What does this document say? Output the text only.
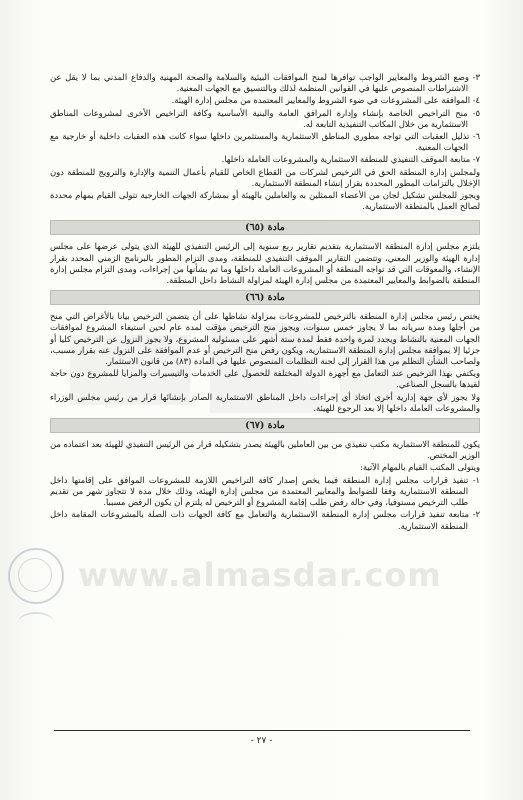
www.almasdar.com
٣- وضع الشروط والمعايير الواجب توافرها لمنح الموافقات البيئية والسلامة والصحة المهنية والدفاع المدني بما لا يقل عن الاشتراطات المنصوص عليها في القوانين المنظمة لذلك وبالتنسيق مع الجهات المعنية.
٤- الموافقة على المشروعات في ضوء الشروط والمعايير المعتمدة من مجلس إدارة الهيئة.
٥- منح التراخيص الخاصة بإنشاء وإدارة المرافق العامة والبنية الأساسية وكافة التراخيص الأخرى لمشروعات المناطق الاستثمارية من خلال المكاتب التنفيذية التابعة له.
٦- تذليل العقبات التي تواجه مطوري المناطق الاستثمارية والمستثمرين داخلها سواء كانت هذه العقبات داخلية أو خارجية مع الجهات المعنية.
٧- متابعة الموقف التنفيذي للمنطقة الاستثمارية والمشروعات العاملة داخلها.
ولمجلس إدارة المنطقة الحق في الترخيص لشركات من القطاع الخاص للقيام بأعمال التنمية والإدارة والترويج للمنطقة دون الإخلال بالتزامات المطور المحددة بقرار إنشاء المنطقة الاستثمارية.
ويجوز للمجلس تشكيل لجان من الأعضاء الممثلين به والعاملين بالهيئة أو بمشاركة الجهات الخارجية تتولى القيام بمهام محددة لصالح العمل بالمنطقة الاستثمارية.
مادة (٦٥)
يلتزم مجلس إدارة المنطقة الاستثمارية بتقديم تقارير ربع سنوية إلى الرئيس التنفيذي للهيئة الذي يتولى عرضها على مجلس إدارة الهيئة والوزير المعني، وتتضمن التقارير الموقف التنفيذي للمنطقة، ومدى التزام المطور بالبرنامج الزمني المحدد بقرار الإنشاء، والمعوقات التي قد تواجه المنطقة أو المشروعات العاملة داخلها وما تم بشأنها من إجراءات، ومدى التزام مجلس إدارة المنطقة بالضوابط والمعايير المعتمدة من مجلس إدارة الهيئة لمزاولة النشاط داخل المنطقة.
مادة (٦٦)
يختص رئيس مجلس إدارة المنطقة بالترخيص للمشروعات بمزاولة نشاطها على أن يتضمن الترخيص بيانا بالأغراض التي منح من أجلها ومدة سريانه بما لا يجاوز خمس سنوات، ويجوز منح الترخيص مؤقت لمدة عام لحين استيفاء المشروع لموافقات الجهات المعنية بالنشاط ويجدد لمرة واحدة فقط لمدة ستة أشهر على مسئولية المشروع، ولا يجوز النزول عن الترخيص كليا أو جزئيا إلا بموافقة مجلس إدارة المنطقة الاستثمارية، ويكون رفض منح الترخيص أو عدم الموافقة على النزول عنه بقرار مسبب، ولصاحب الشأن التظلم من هذا القرار إلى لجنة التظلمات المنصوص عليها في المادة (٨٣) من قانون الاستثمار.
ويكتفي بهذا الترخيص عند التعامل مع أجهزة الدولة المختلفة للحصول على الخدمات والتيسيرات والمزايا للمشروع دون حاجة لقيدها بالسجل الصناعي.
ولا يجوز لأي جهة إدارية أخرى اتخاذ أي إجراءات داخل المناطق الاستثمارية الصادر بإنشائها قرار من رئيس مجلس الوزراء والمشروعات العاملة داخلها إلا بعد الرجوع للهيئة.
مادة (٦٧)
يكون للمنطقة الاستثمارية مكتب تنفيذي من بين العاملين بالهيئة يصدر بتشكيله قرار من الرئيس التنفيذي للهيئة بعد اعتماده من الوزير المختص.
ويتولى المكتب القيام بالمهام الآتية:
١- تنفيذ قرارات مجلس إدارة المنطقة فيما يخص إصدار كافة التراخيص اللازمة للمشروعات الموافق على إقامتها داخل المنطقة الاستثمارية وفقا للضوابط والمعايير المعتمدة من مجلس إدارة الهيئة، وذلك خلال مدة لا تتجاوز شهر من تقديم طلب الترخيص مستوفيا، وفي حالة رفض طلب إقامة المشروع أو الترخيص له يلتزم أن يكون الرفض مسببا.
٢- متابعة تنفيذ قرارات مجلس إدارة المنطقة الاستثمارية والتعامل مع كافة الجهات ذات الصلة بالمشروعات المقامة داخل المنطقة الاستثمارية.
- ٢٧ -
